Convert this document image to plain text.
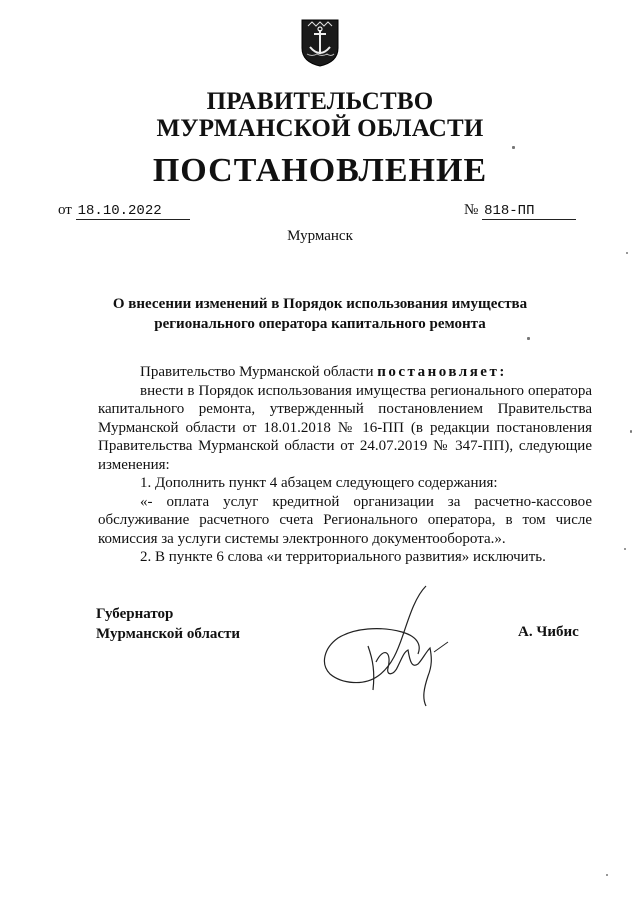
ПРАВИТЕЛЬСТВО
МУРМАНСКОЙ ОБЛАСТИ
ПОСТАНОВЛЕНИЕ
от 18.10.2022	№ 818-ПП
Мурманск
О внесении изменений в Порядок использования имущества
регионального оператора капитального ремонта

Правительство Мурманской области постановляет:

внести в Порядок использования имущества регионального оператора капитального ремонта, утвержденный постановлением Правительства Мурманской области от 18.01.2018 № 16-ПП (в редакции постановления Правительства Мурманской области от 24.07.2019 № 347-ПП), следующие изменения:

1. Дополнить пункт 4 абзацем следующего содержания:

«- оплата услуг кредитной организации за расчетно-кассовое обслуживание расчетного счета Регионального оператора, в том числе комиссия за услуги системы электронного документооборота.».

2. В пункте 6 слова «и территориального развития» исключить.

Губернатор
Мурманской области	А. Чибис
